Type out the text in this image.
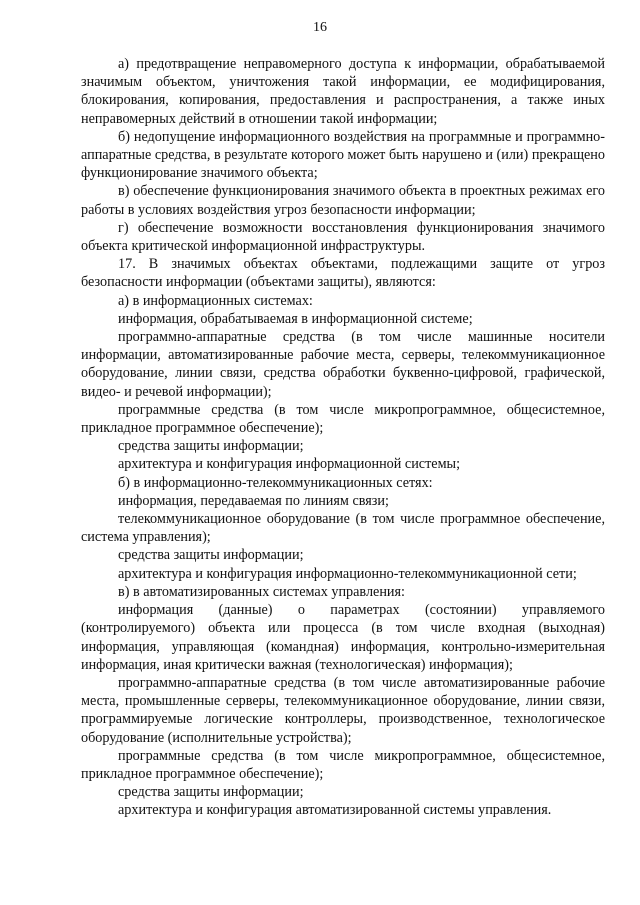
16

а) предотвращение неправомерного доступа к информации, обрабатываемой значимым объектом, уничтожения такой информации, ее модифицирования, блокирования, копирования, предоставления и распространения, а также иных неправомерных действий в отношении такой информации;

б) недопущение информационного воздействия на программные и программно-аппаратные средства, в результате которого может быть нарушено и (или) прекращено функционирование значимого объекта;

в) обеспечение функционирования значимого объекта в проектных режимах его работы в условиях воздействия угроз безопасности информации;

г) обеспечение возможности восстановления функционирования значимого объекта критической информационной инфраструктуры.

17. В значимых объектах объектами, подлежащими защите от угроз безопасности информации (объектами защиты), являются:

а) в информационных системах:

информация, обрабатываемая в информационной системе;

программно-аппаратные средства (в том числе машинные носители информации, автоматизированные рабочие места, серверы, телекоммуникационное оборудование, линии связи, средства обработки буквенно-цифровой, графической, видео- и речевой информации);

программные средства (в том числе микропрограммное, общесистемное, прикладное программное обеспечение);

средства защиты информации;

архитектура и конфигурация информационной системы;

б) в информационно-телекоммуникационных сетях:

информация, передаваемая по линиям связи;

телекоммуникационное оборудование (в том числе программное обеспечение, система управления);

средства защиты информации;

архитектура и конфигурация информационно-телекоммуникационной сети;

в) в автоматизированных системах управления:

информация (данные) о параметрах (состоянии) управляемого (контролируемого) объекта или процесса (в том числе входная (выходная) информация, управляющая (командная) информация, контрольно-измерительная информация, иная критически важная (технологическая) информация);

программно-аппаратные средства (в том числе автоматизированные рабочие места, промышленные серверы, телекоммуникационное оборудование, линии связи, программируемые логические контроллеры, производственное, технологическое оборудование (исполнительные устройства);

программные средства (в том числе микропрограммное, общесистемное, прикладное программное обеспечение);

средства защиты информации;

архитектура и конфигурация автоматизированной системы управления.
